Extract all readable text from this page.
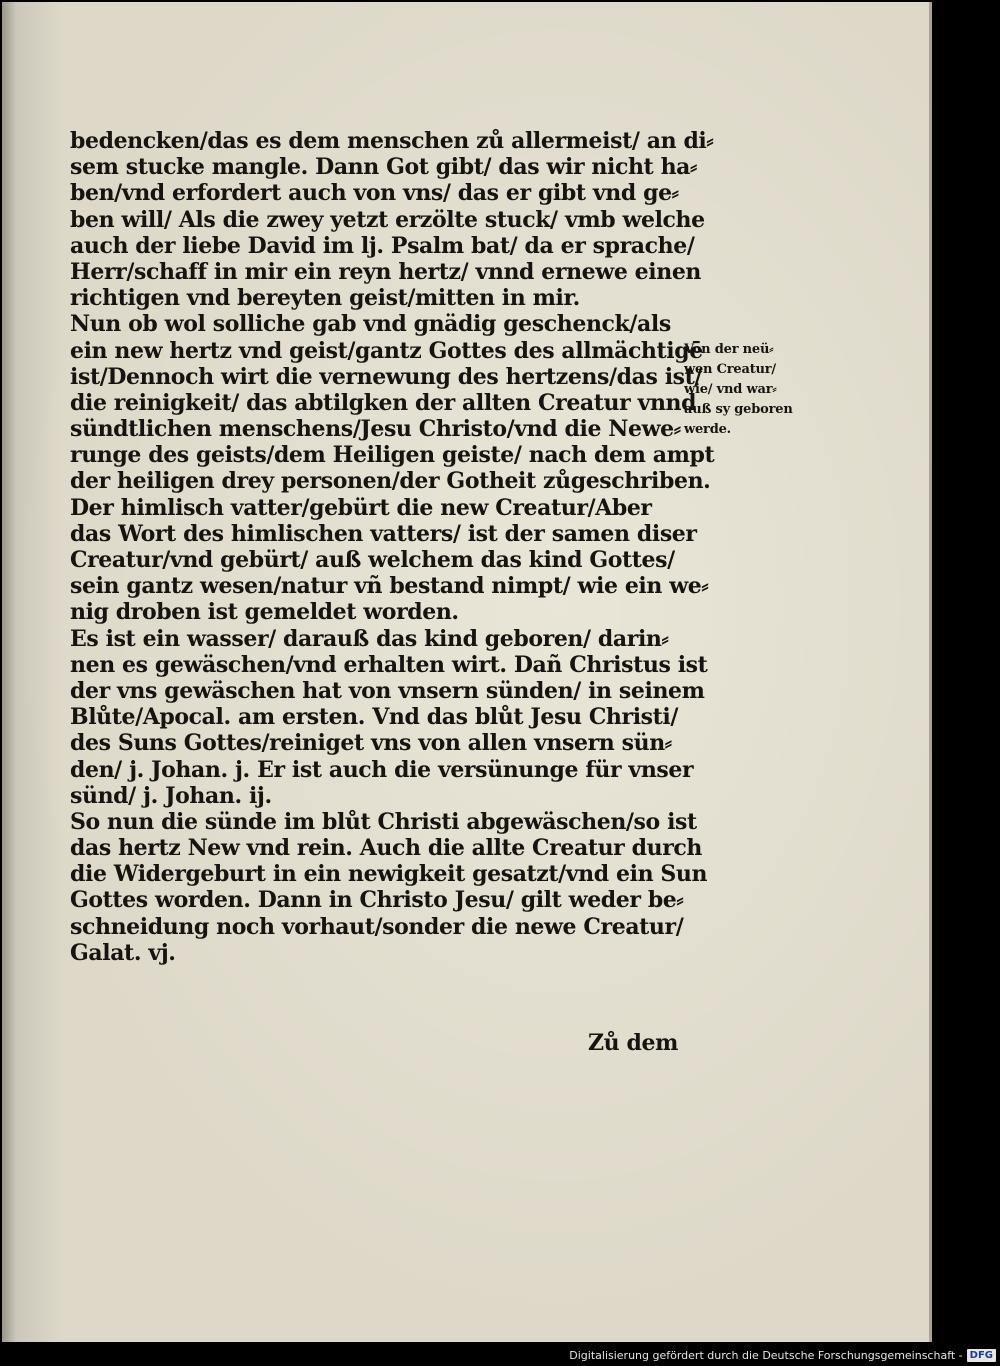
bedencken/das es dem menschen zů allermeist/ an di⸗
sem stucke mangle. Dann Got gibt/ das wir nicht ha⸗
ben/vnd erfordert auch von vns/ das er gibt vnd ge⸗
ben will/ Als die zwey yetzt erzölte stuck/ vmb welche
auch der liebe David im lj. Psalm bat/ da er sprache/
Herr/schaff in mir ein reyn hertz/ vnnd ernewe einen
richtigen vnd bereyten geist/mitten in mir.
Nun ob wol solliche gab vnd gnädig geschenck/als
ein new hertz vnd geist/gantz Gottes des allmächtigē
ist/Dennoch wirt die vernewung des hertzens/das ist/
die reinigkeit/ das abtilgken der allten Creatur vnnd
sündtlichen menschens/Jesu Christo/vnd die Newe⸗
runge des geists/dem Heiligen geiste/ nach dem ampt
der heiligen drey personen/der Gotheit zůgeschriben.
Der himlisch vatter/gebürt die new Creatur/Aber
das Wort des himlischen vatters/ ist der samen diser
Creatur/vnd gebürt/ auß welchem das kind Gottes/
sein gantz wesen/natur vñ bestand nimpt/ wie ein we⸗
nig droben ist gemeldet worden.
Es ist ein wasser/ darauß das kind geboren/ darin⸗
nen es gewäschen/vnd erhalten wirt. Dañ Christus ist
der vns gewäschen hat von vnsern sünden/ in seinem
Blůte/Apocal. am ersten. Vnd das blůt Jesu Christi/
des Suns Gottes/reiniget vns von allen vnsern sün⸗
den/ j. Johan. j. Er ist auch die versünunge für vnser
sünd/ j. Johan. ij.
So nun die sünde im blůt Christi abgewäschen/so ist
das hertz New vnd rein. Auch die allte Creatur durch
die Widergeburt in ein newigkeit gesatzt/vnd ein Sun
Gottes worden. Dann in Christo Jesu/ gilt weder be⸗
schneidung noch vorhaut/sonder die newe Creatur/
Galat. vj.
Von der neü⸗
wen Creatur/
wie/ vnd war⸗
auß sy geboren
werde.
Zů dem
Digitalisierung gefördert durch die Deutsche Forschungsgemeinschaft - DFG
